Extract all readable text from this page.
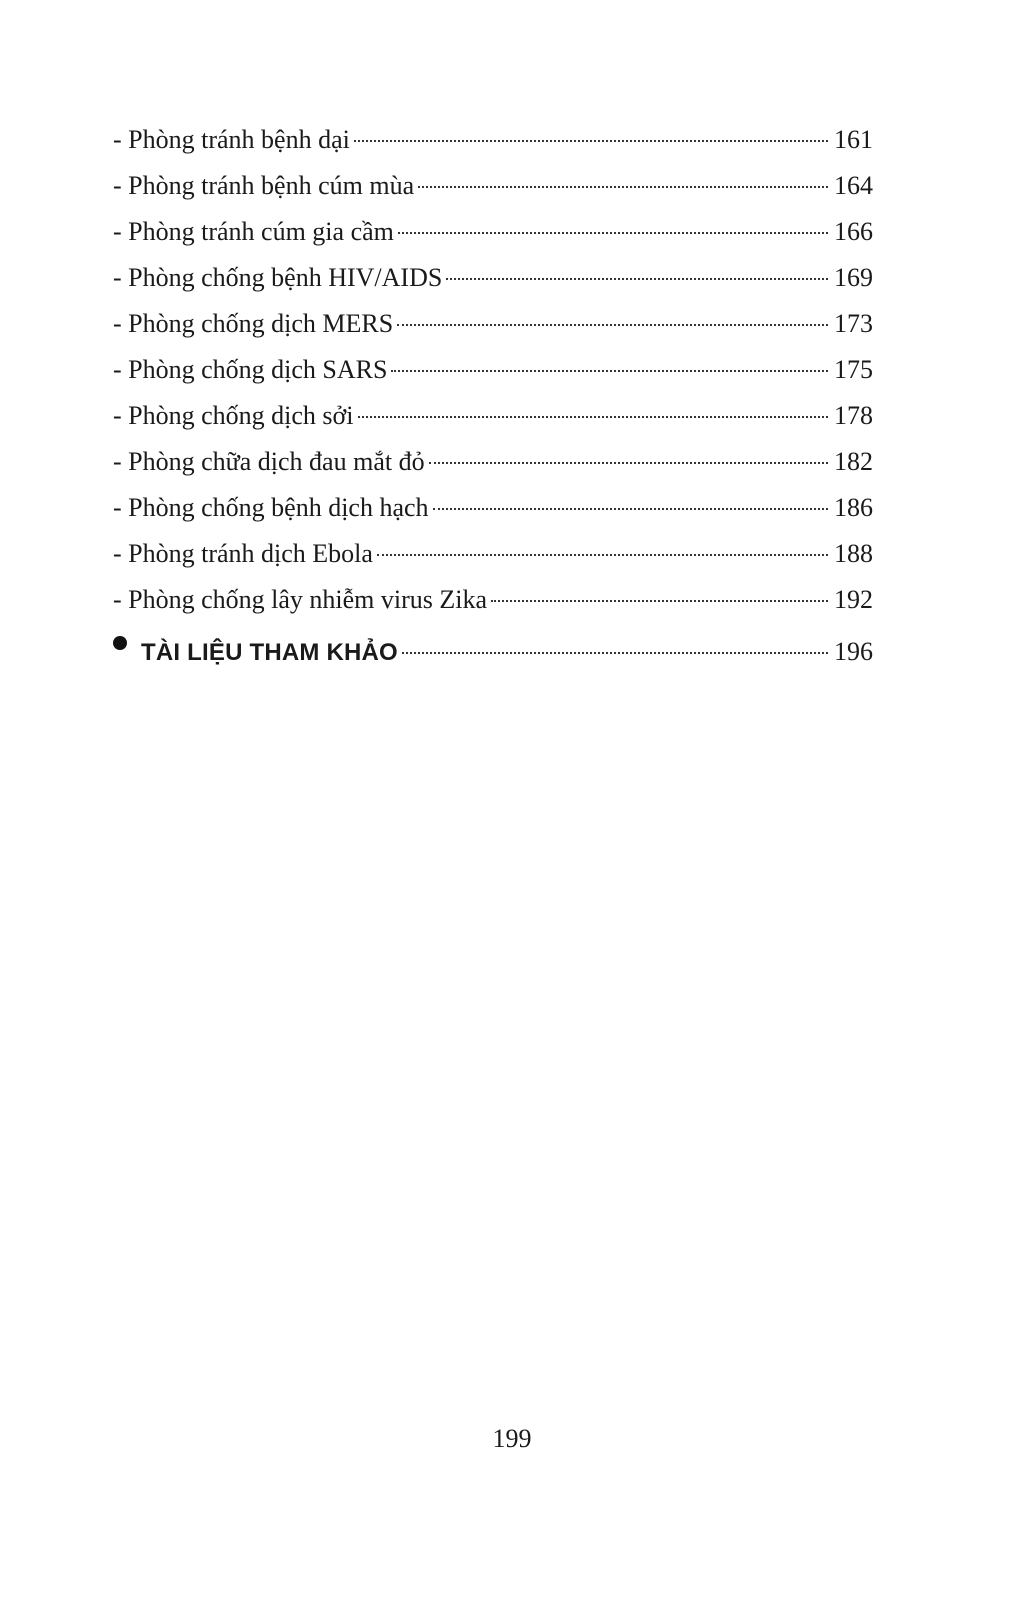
- Phòng tránh bệnh dại	161
- Phòng tránh bệnh cúm mùa	164
- Phòng tránh cúm gia cầm	166
- Phòng chống bệnh HIV/AIDS	169
- Phòng chống dịch MERS	173
- Phòng chống dịch SARS	175
- Phòng chống dịch sởi	178
- Phòng chữa dịch đau mắt đỏ	182
- Phòng chống bệnh dịch hạch	186
- Phòng tránh dịch Ebola	188
- Phòng chống lây nhiễm virus Zika	192
TÀI LIỆU THAM KHẢO	196
199
